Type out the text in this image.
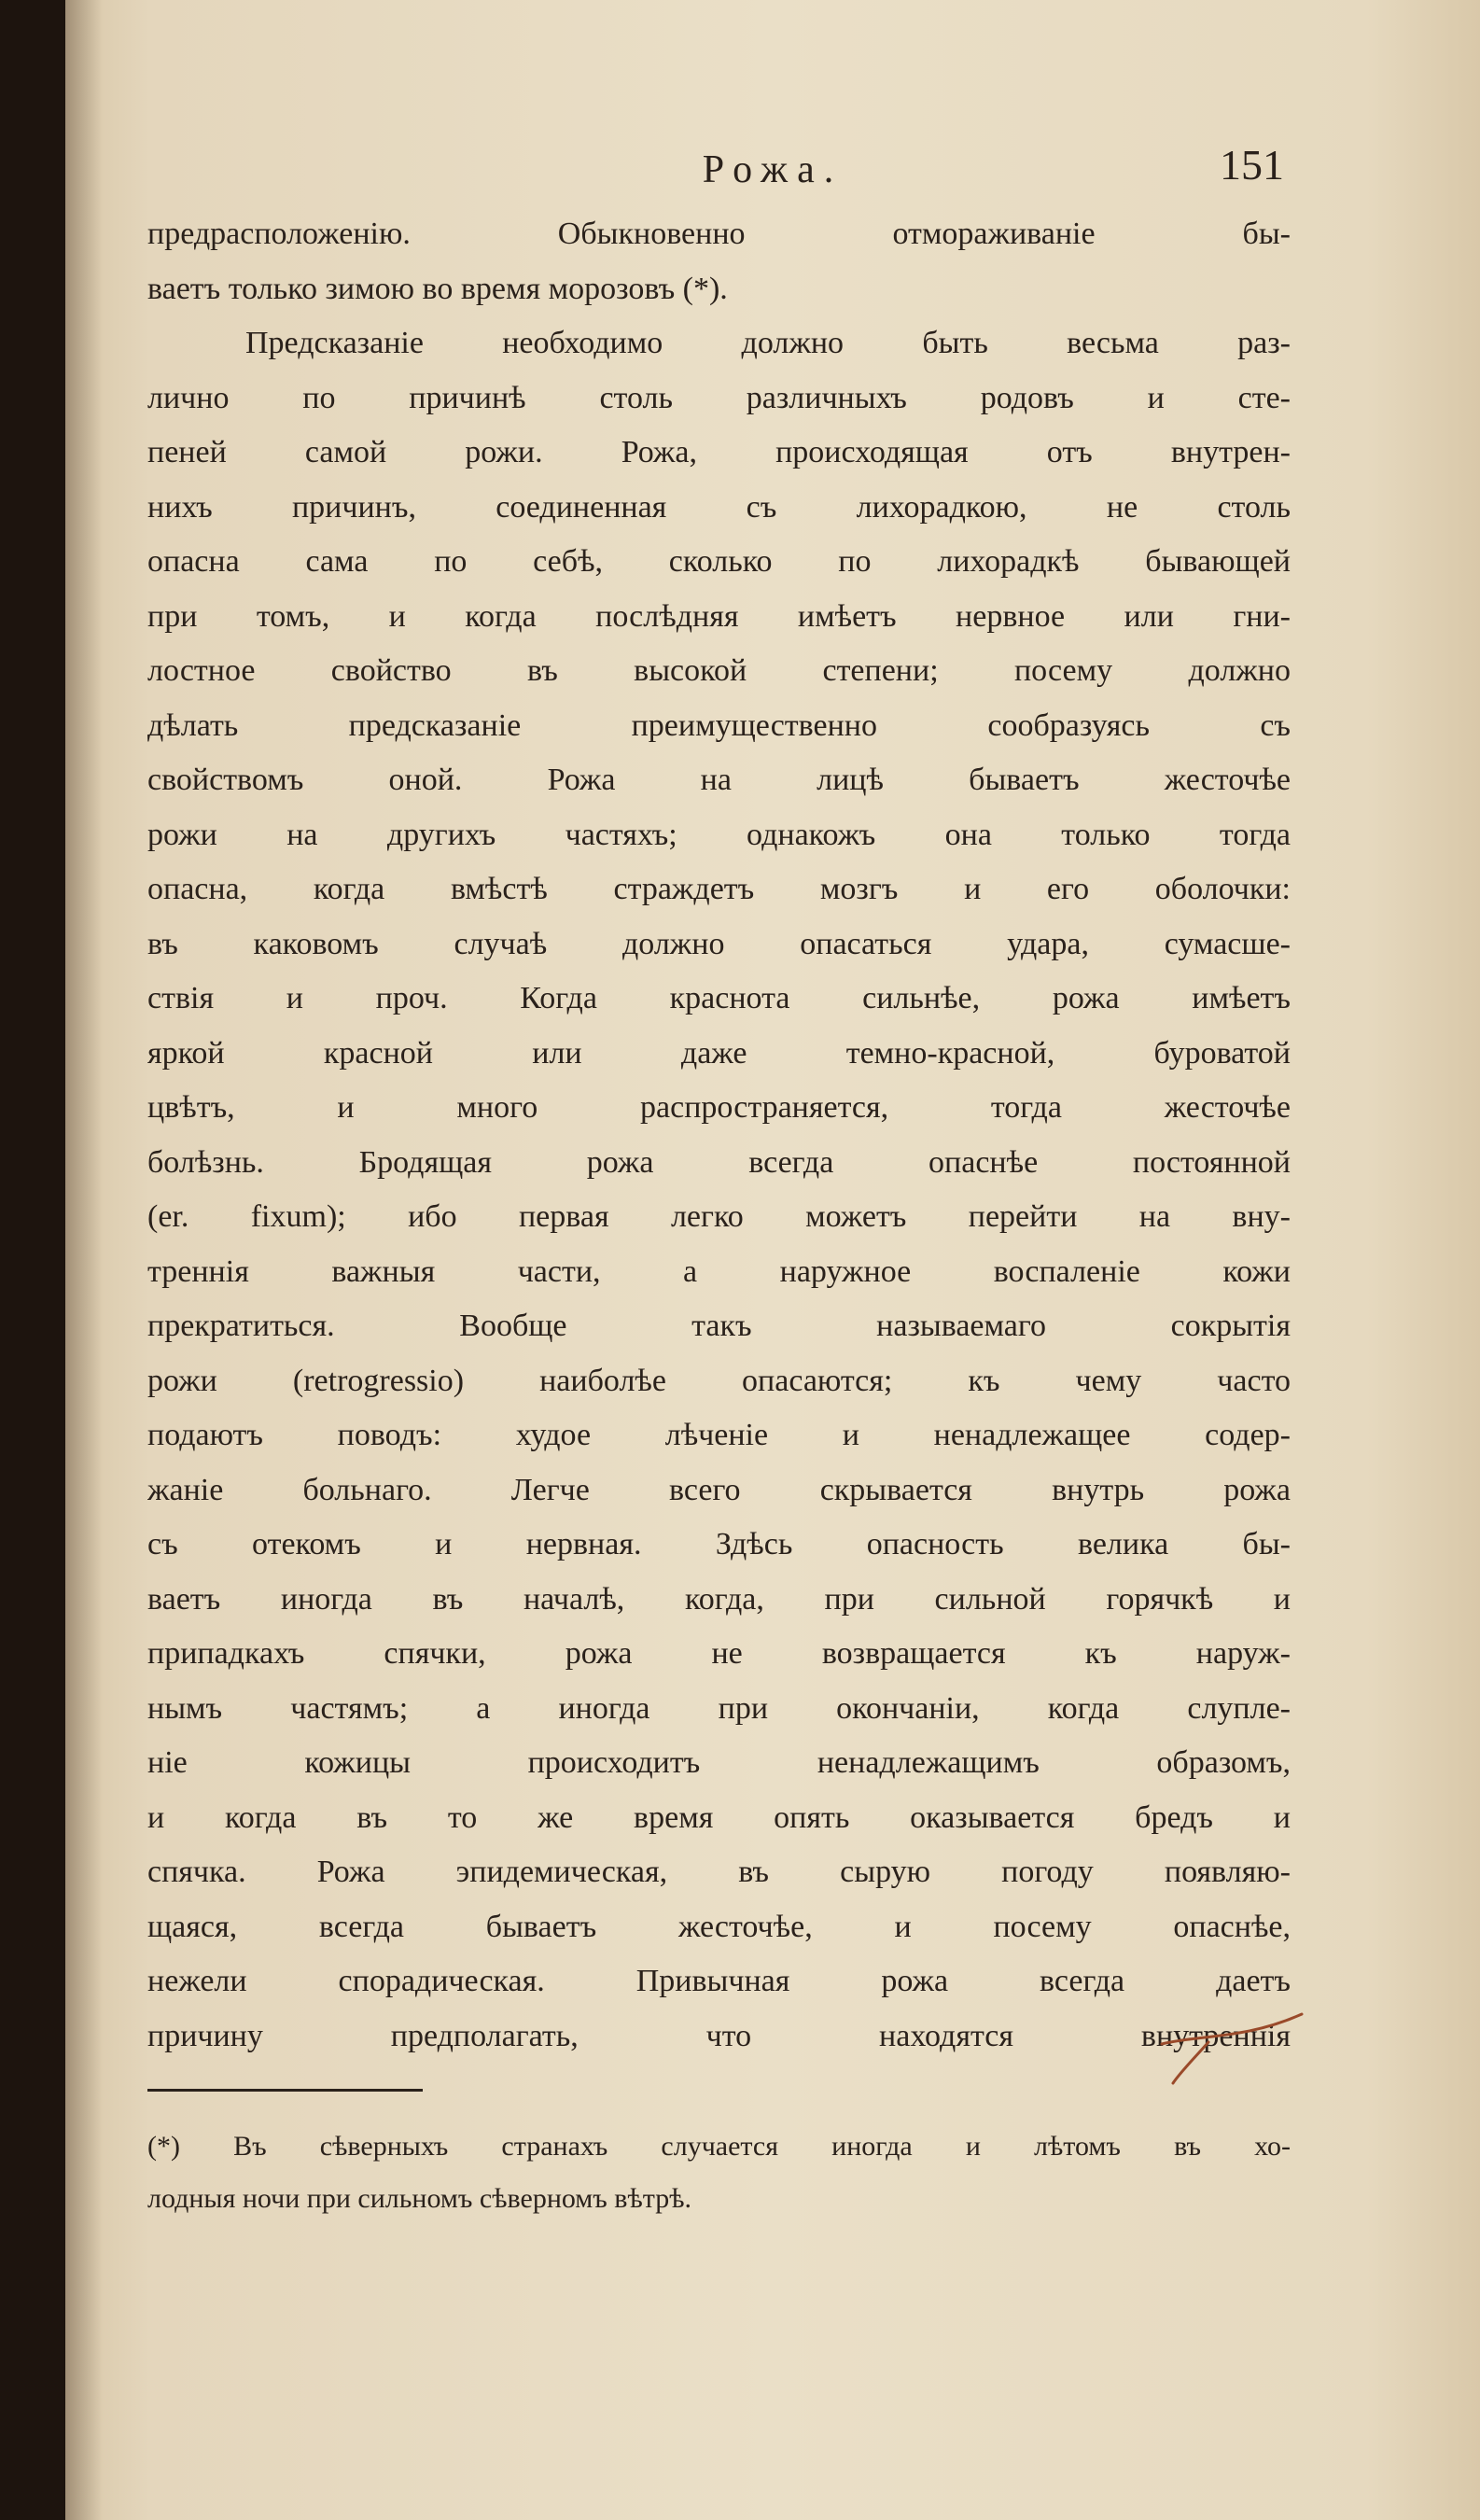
Рожа.	151
предрасположенію. Обыкновенно отмораживаніе бы-
ваетъ только зимою во время морозовъ (*).
Предсказаніе необходимо должно быть весьма раз-
лично по причинѣ столь различныхъ родовъ и сте-
пеней самой рожи. Рожа, происходящая отъ внутрен-
нихъ причинъ, соединенная съ лихорадкою, не столь
опасна сама по себѣ, сколько по лихорадкѣ бывающей
при томъ, и когда послѣдняя имѣетъ нервное или гни-
лостное свойство въ высокой степени; посему должно
дѣлать предсказаніе преимущественно сообразуясь съ
свойствомъ оной. Рожа на лицѣ бываетъ жесточѣе
рожи на другихъ частяхъ; однакожъ она только тогда
опасна, когда вмѣстѣ страждетъ мозгъ и его оболочки:
въ каковомъ случаѣ должно опасаться удара, сумасше-
ствія и проч. Когда краснота сильнѣе, рожа имѣетъ
яркой красной или даже темно-красной, буроватой
цвѣтъ, и много распространяется, тогда жесточѣе
болѣзнь. Бродящая рожа всегда опаснѣе постоянной
(er. fixum); ибо первая легко можетъ перейти на вну-
треннія важныя части, а наружное воспаленіе кожи
прекратиться. Вообще такъ называемаго сокрытія
рожи (retrogressio) наиболѣе опасаются; къ чему часто
подаютъ поводъ: худое лѣченіе и ненадлежащее содер-
жаніе больнаго. Легче всего скрывается внутрь рожа
съ отекомъ и нервная. Здѣсь опасность велика бы-
ваетъ иногда въ началѣ, когда, при сильной горячкѣ и
припадкахъ спячки, рожа не возвращается къ наруж-
нымъ частямъ; а иногда при окончаніи, когда слупле-
ніе кожицы происходитъ ненадлежащимъ образомъ,
и когда въ то же время опять оказывается бредъ и
спячка. Рожа эпидемическая, въ сырую погоду появляю-
щаяся, всегда бываетъ жесточѣе, и посему опаснѣе,
нежели спорадическая. Привычная рожа всегда даетъ
причину предполагать, что находятся внутреннія
(*) Въ сѣверныхъ странахъ случается иногда и лѣтомъ въ хо-
лодныя ночи при сильномъ сѣверномъ вѣтрѣ.
